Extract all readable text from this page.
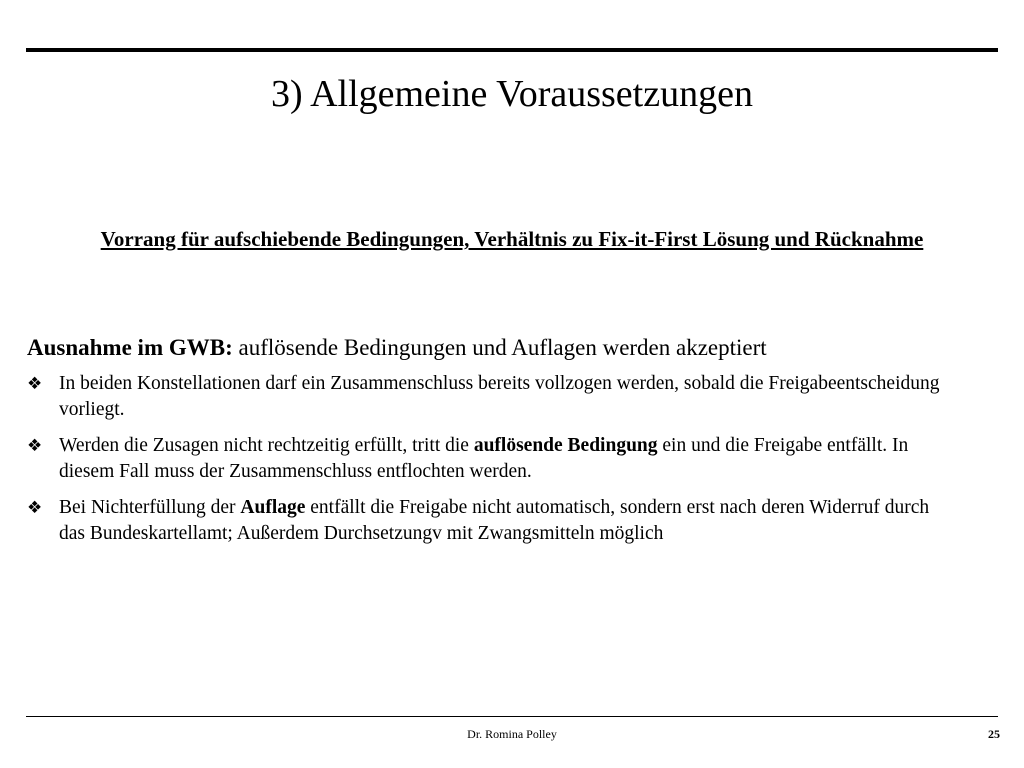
3) Allgemeine Voraussetzungen

Vorrang für aufschiebende Bedingungen, Verhältnis zu Fix-it-First Lösung und Rücknahme

Ausnahme im GWB: auflösende Bedingungen und Auflagen werden akzeptiert

❖ In beiden Konstellationen darf ein Zusammenschluss bereits vollzogen werden, sobald die Freigabeentscheidung vorliegt.
❖ Werden die Zusagen nicht rechtzeitig erfüllt, tritt die auflösende Bedingung ein und die Freigabe entfällt. In diesem Fall muss der Zusammenschluss entflochten werden.
❖ Bei Nichterfüllung der Auflage entfällt die Freigabe nicht automatisch, sondern erst nach deren Widerruf durch das Bundeskartellamt; Außerdem Durchsetzungv mit Zwangsmitteln möglich
Dr. Romina Polley	25
